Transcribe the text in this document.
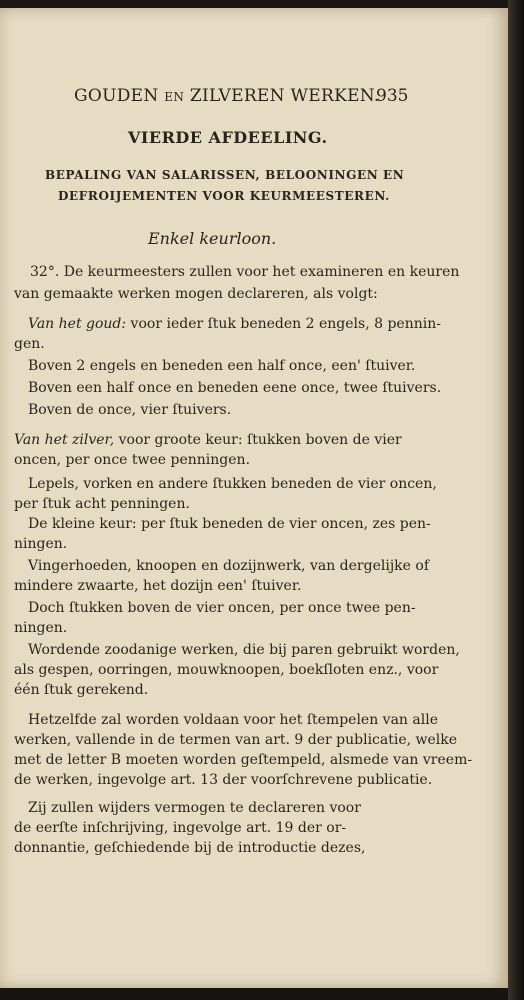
GOUDEN EN ZILVEREN WERKEN.
935
VIERDE AFDEELING.
BEPALING VAN SALARISSEN, BELOONINGEN EN
DEFROIJEMENTEN VOOR KEURMEESTEREN.
Enkel keurloon.
32°. De keurmeesters zullen voor het examineren en keuren
van gemaakte werken mogen declareren, als volgt:
Van het goud: voor ieder ſtuk beneden 2 engels, 8 pennin-
gen.
Boven 2 engels en beneden een half once, een' ſtuiver.
Boven een half once en beneden eene once, twee ſtuivers.
Boven de once, vier ſtuivers.
Van het zilver, voor groote keur: ſtukken boven de vier
oncen, per once twee penningen.
Lepels, vorken en andere ſtukken beneden de vier oncen,
per ſtuk acht penningen.
De kleine keur: per ſtuk beneden de vier oncen, zes pen-
ningen.
Vingerhoeden, knoopen en dozijnwerk, van dergelijke of
mindere zwaarte, het dozijn een' ſtuiver.
Doch ſtukken boven de vier oncen, per once twee pen-
ningen.
Wordende zoodanige werken, die bij paren gebruikt worden,
als gespen, oorringen, mouwknoopen, boekſloten enz., voor
één ſtuk gerekend.
Hetzelfde zal worden voldaan voor het ſtempelen van alle
werken, vallende in de termen van art. 9 der publicatie, welke
met de letter B moeten worden geſtempeld, alsmede van vreem-
de werken, ingevolge art. 13 der voorſchrevene publicatie.
Zij zullen wijders vermogen te declareren voor
de eerſte inſchrijving, ingevolge art. 19 der or-
donnantie, geſchiedende bij de introductie dezes,
